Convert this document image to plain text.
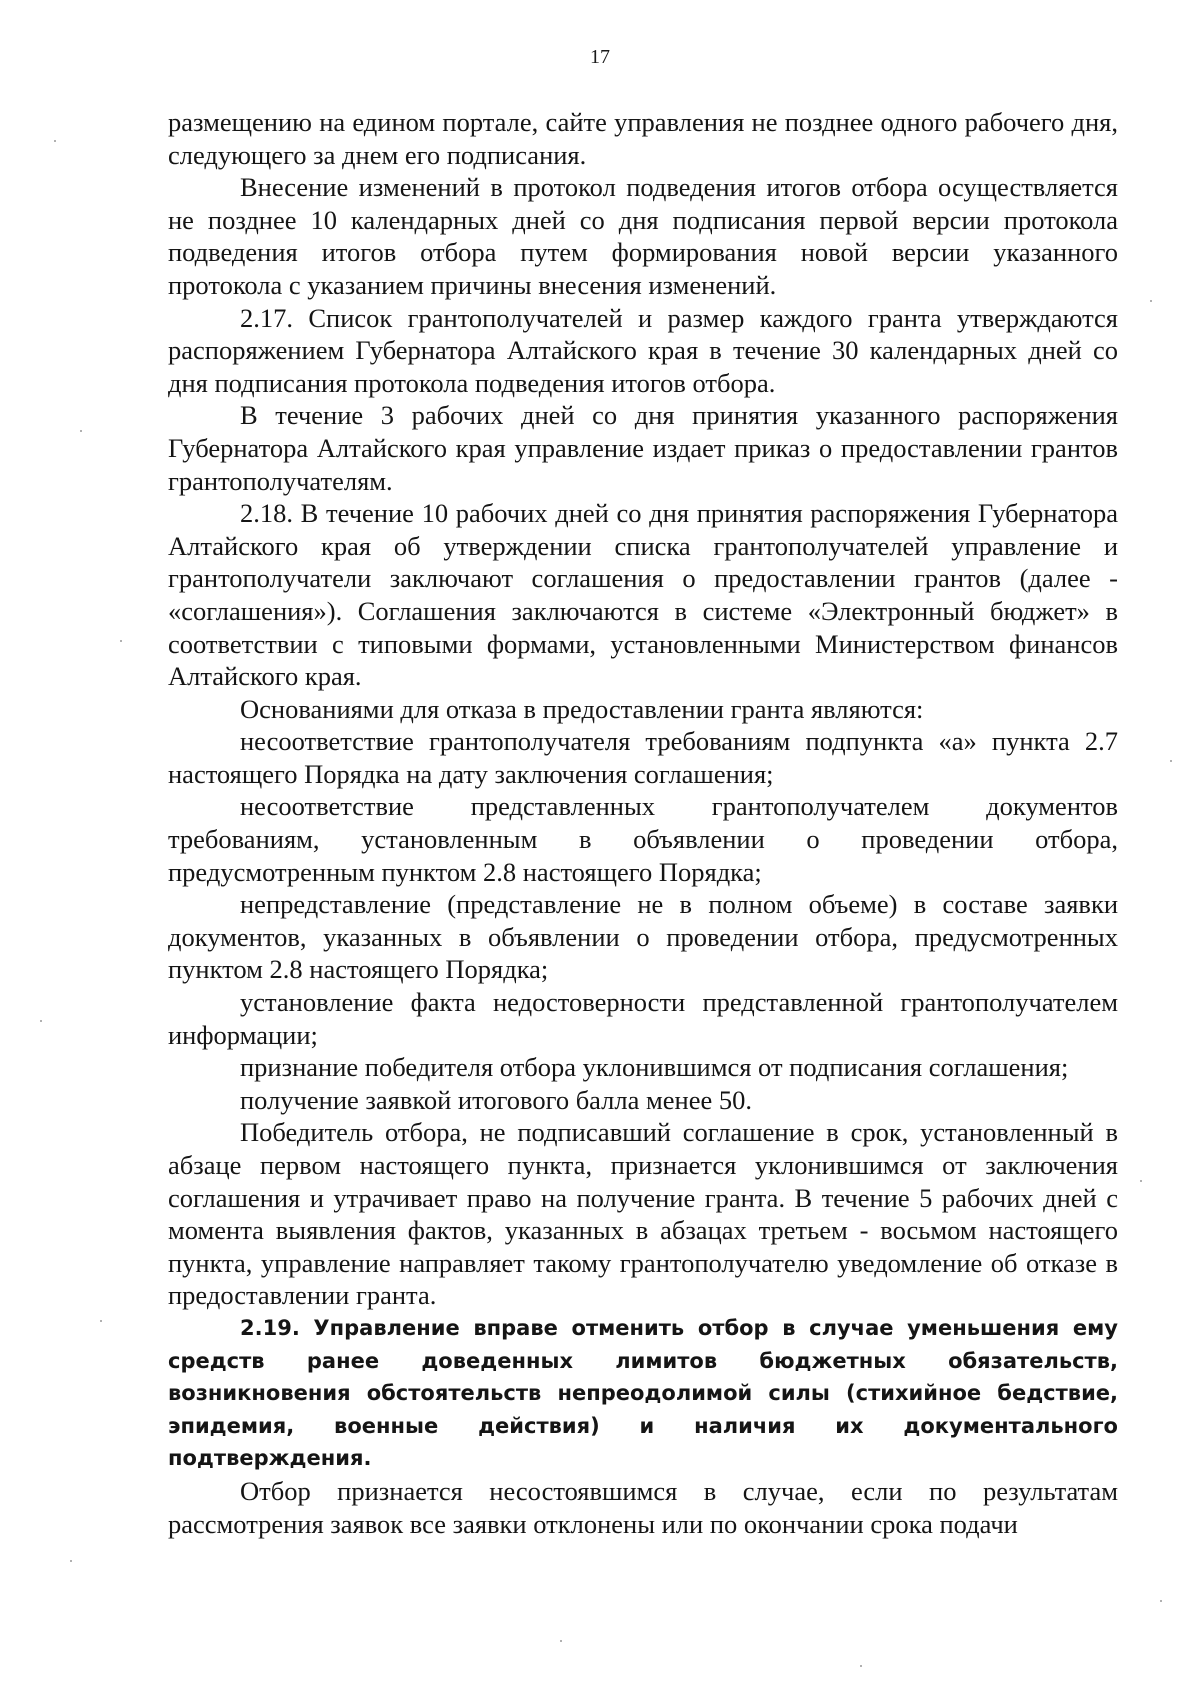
17

размещению на едином портале, сайте управления не позднее одного рабочего дня, следующего за днем его подписания.

Внесение изменений в протокол подведения итогов отбора осуществляется не позднее 10 календарных дней со дня подписания первой версии протокола подведения итогов отбора путем формирования новой версии указанного протокола с указанием причины внесения изменений.

2.17. Список грантополучателей и размер каждого гранта утверждаются распоряжением Губернатора Алтайского края в течение 30 календарных дней со дня подписания протокола подведения итогов отбора.

В течение 3 рабочих дней со дня принятия указанного распоряжения Губернатора Алтайского края управление издает приказ о предоставлении грантов грантополучателям.

2.18. В течение 10 рабочих дней со дня принятия распоряжения Губернатора Алтайского края об утверждении списка грантополучателей управление и грантополучатели заключают соглашения о предоставлении грантов (далее - «соглашения»). Соглашения заключаются в системе «Электронный бюджет» в соответствии с типовыми формами, установленными Министерством финансов Алтайского края.

Основаниями для отказа в предоставлении гранта являются:

несоответствие грантополучателя требованиям подпункта «а» пункта 2.7 настоящего Порядка на дату заключения соглашения;

несоответствие представленных грантополучателем документов требованиям, установленным в объявлении о проведении отбора, предусмотренным пунктом 2.8 настоящего Порядка;

непредставление (представление не в полном объеме) в составе заявки документов, указанных в объявлении о проведении отбора, предусмотренных пунктом 2.8 настоящего Порядка;

установление факта недостоверности представленной грантополучателем информации;

признание победителя отбора уклонившимся от подписания соглашения;

получение заявкой итогового балла менее 50.

Победитель отбора, не подписавший соглашение в срок, установленный в абзаце первом настоящего пункта, признается уклонившимся от заключения соглашения и утрачивает право на получение гранта. В течение 5 рабочих дней с момента выявления фактов, указанных в абзацах третьем - восьмом настоящего пункта, управление направляет такому грантополучателю уведомление об отказе в предоставлении гранта.

2.19. Управление вправе отменить отбор в случае уменьшения ему средств ранее доведенных лимитов бюджетных обязательств, возникновения обстоятельств непреодолимой силы (стихийное бедствие, эпидемия, военные действия) и наличия их документального подтверждения.

Отбор признается несостоявшимся в случае, если по результатам рассмотрения заявок все заявки отклонены или по окончании срока подачи
